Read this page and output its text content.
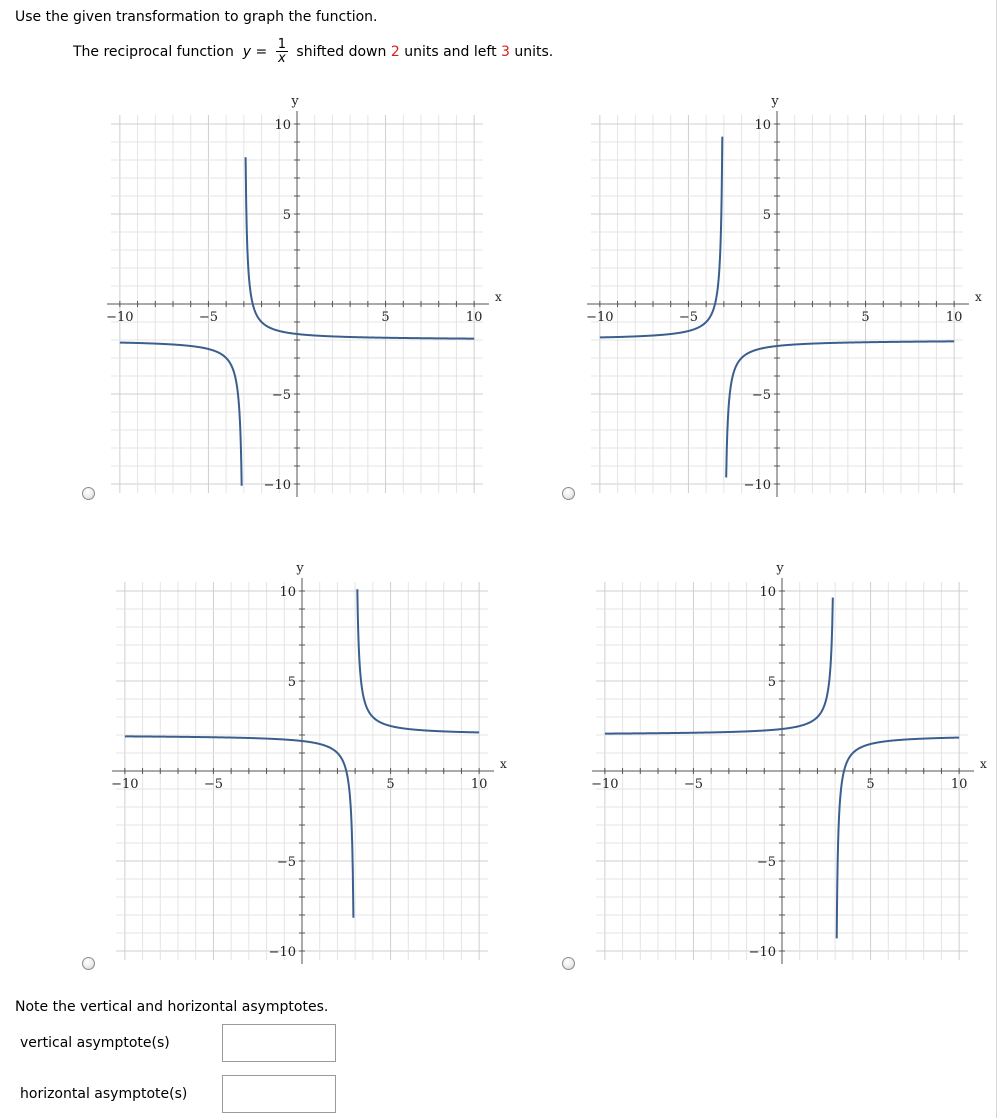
Use the given transformation to graph the function.
The reciprocal function $y = \frac{1}{x}$ shifted down 2 units and left 3 units.
−10	−5	5	10
10
5
−5
−10
x
y
−10	−5	5	10
10
5
−5
−10
x
y
−10	−5	5	10
10
5
−5
−10
x
y
−10	−5	5	10
10
5
−5
−10
x
y
Note the vertical and horizontal asymptotes.
vertical asymptote(s)
horizontal asymptote(s)
